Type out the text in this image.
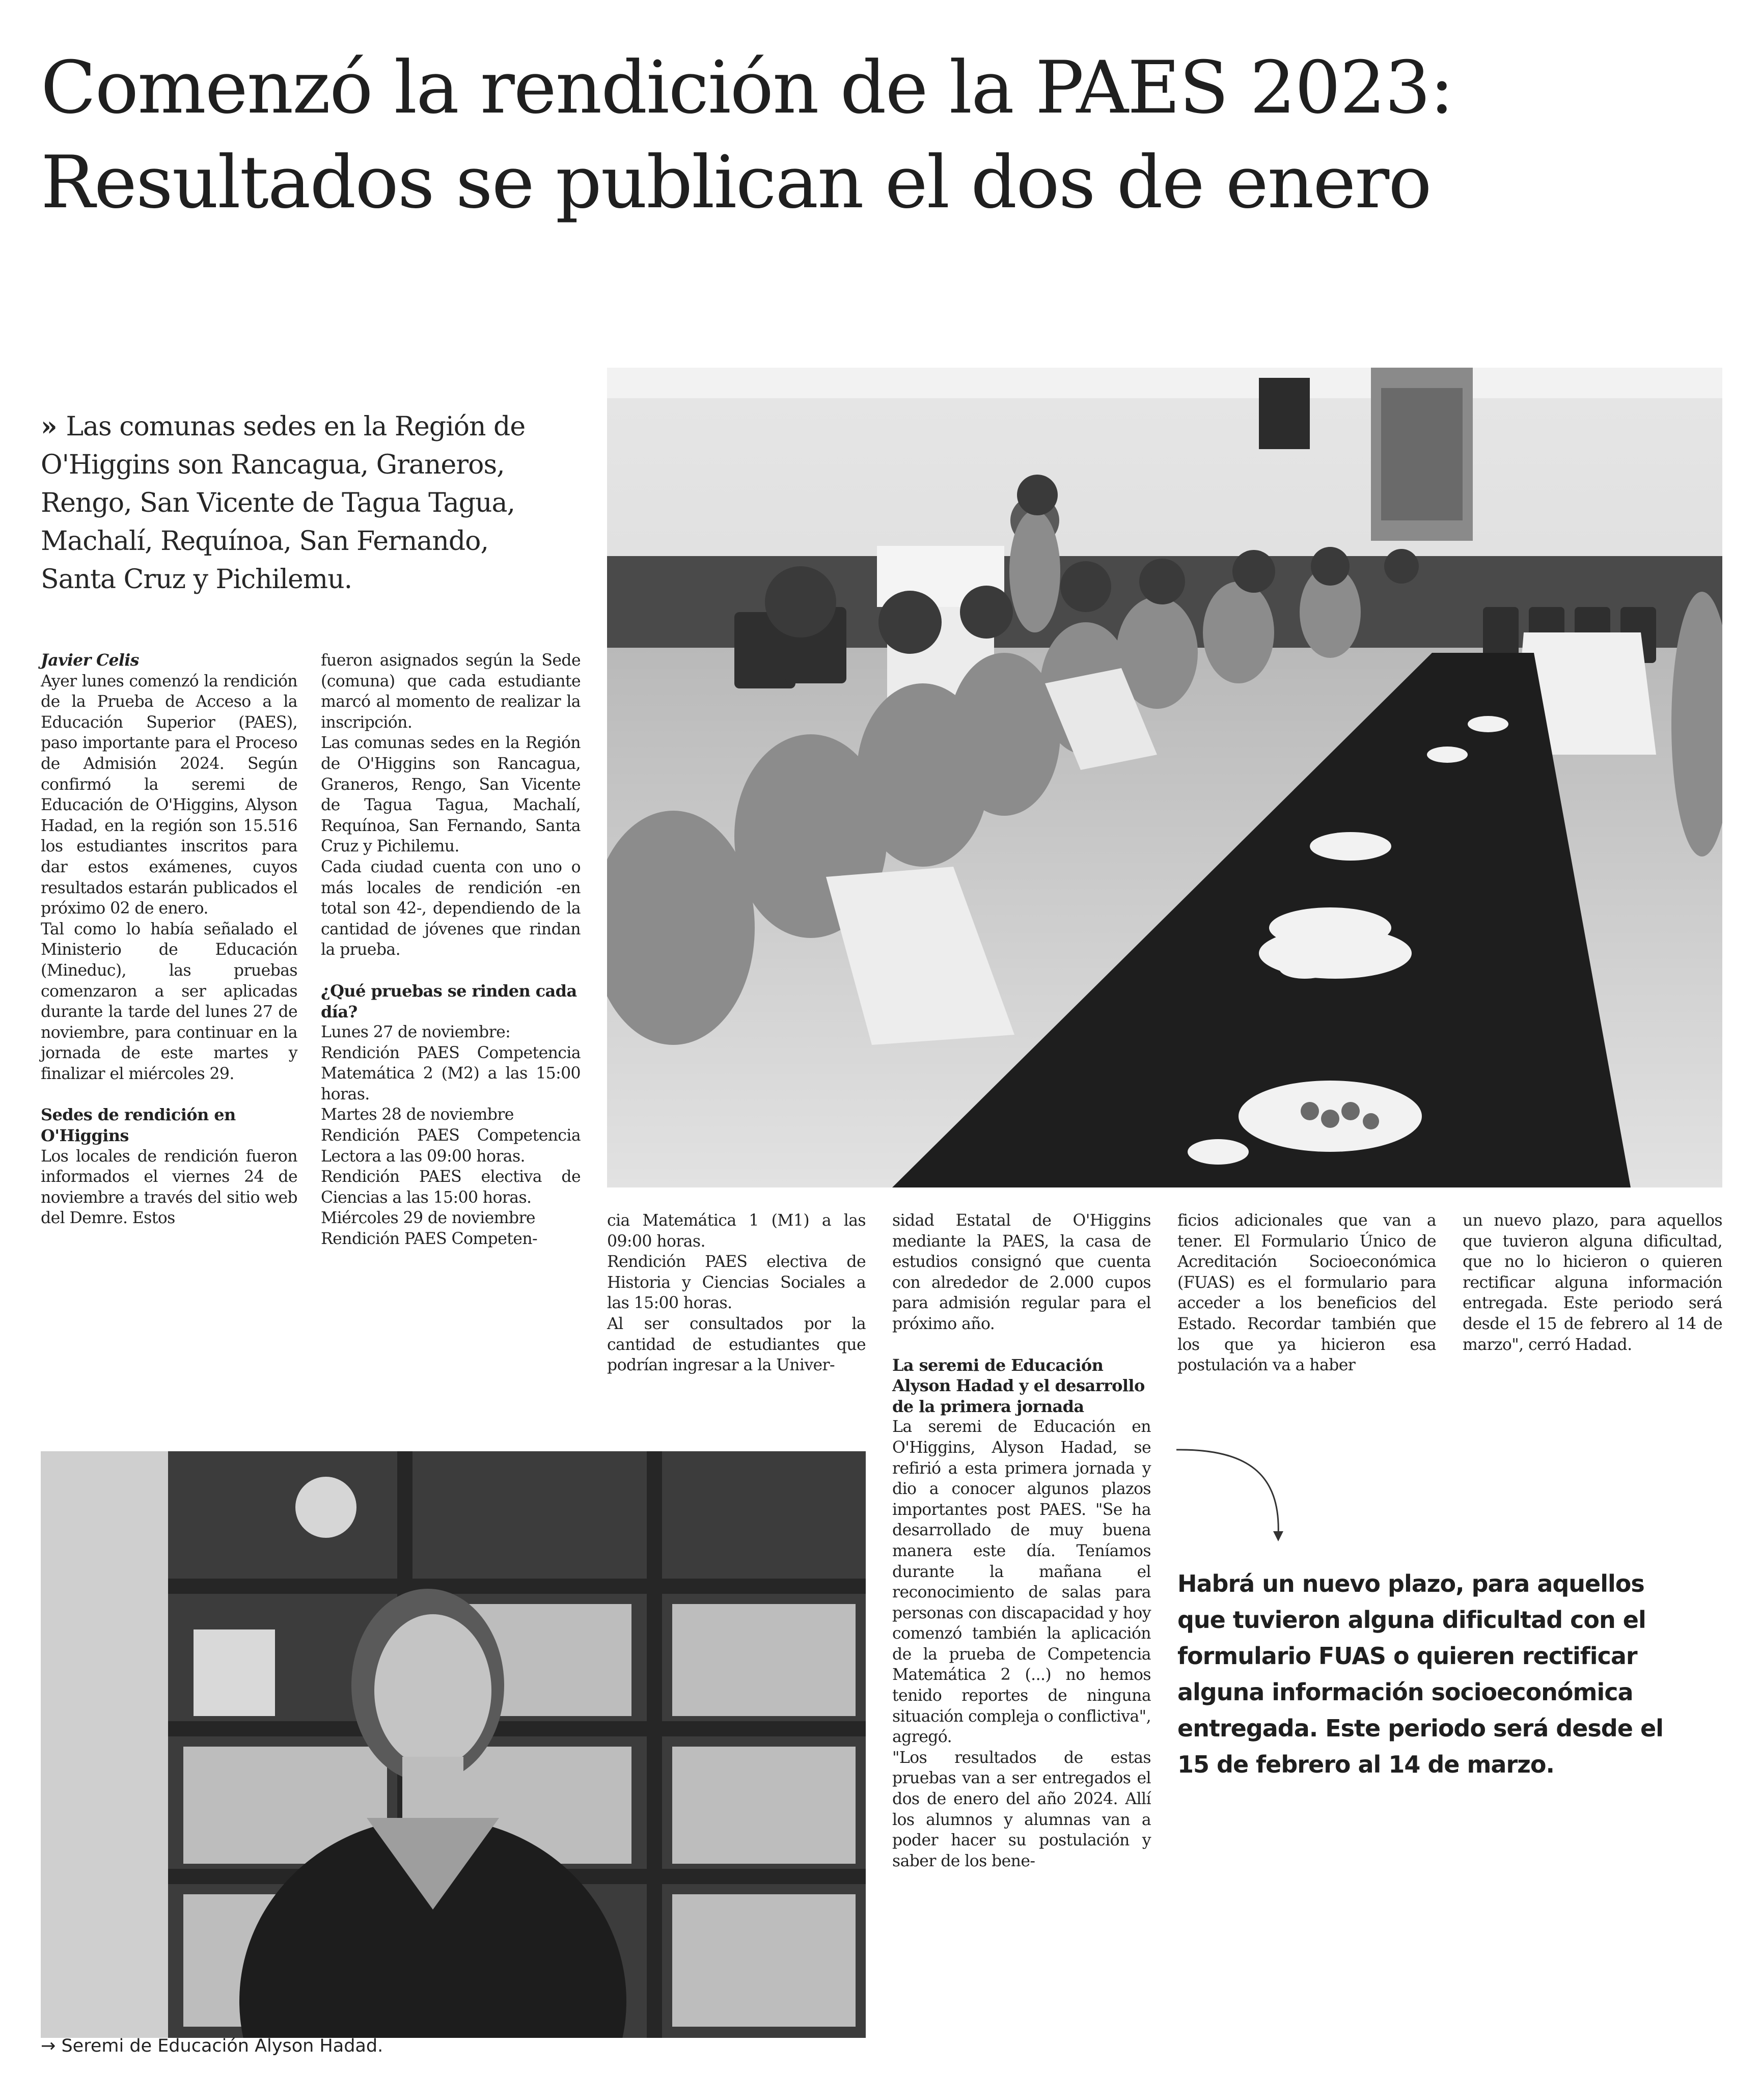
Comenzó la rendición de la PAES 2023:
Resultados se publican el dos de enero
» Las comunas sedes en la Región de O'Higgins son Rancagua, Graneros, Rengo, San Vicente de Tagua Tagua, Machalí, Requínoa, San Fernando, Santa Cruz y Pichilemu.

Javier Celis

Ayer lunes comenzó la rendición de la Prueba de Acceso a la Educación Superior (PAES), paso importante para el Proceso de Admisión 2024. Según confirmó la seremi de Educación de O'Higgins, Alyson Hadad, en la región son 15.516 los estudiantes inscritos para dar estos exámenes, cuyos resultados estarán publicados el próximo 02 de enero.

Tal como lo había señalado el Ministerio de Educación (Mineduc), las pruebas comenzaron a ser aplicadas durante la tarde del lunes 27 de noviembre, para continuar en la jornada de este martes y finalizar el miércoles 29.

Sedes de rendición en O'Higgins

Los locales de rendición fueron informados el viernes 24 de noviembre a través del sitio web del Demre. Estos

fueron asignados según la Sede (comuna) que cada estudiante marcó al momento de realizar la inscripción.

Las comunas sedes en la Región de O'Higgins son Rancagua, Graneros, Rengo, San Vicente de Tagua Tagua, Machalí, Requínoa, San Fernando, Santa Cruz y Pichilemu.

Cada ciudad cuenta con uno o más locales de rendición -en total son 42-, dependiendo de la cantidad de jóvenes que rindan la prueba.

¿Qué pruebas se rinden cada día?

Lunes 27 de noviembre:

Rendición PAES Competencia Matemática 2 (M2) a las 15:00 horas.

Martes 28 de noviembre

Rendición PAES Competencia Lectora a las 09:00 horas.

Rendición PAES electiva de Ciencias a las 15:00 horas.

Miércoles 29 de noviembre

Rendición PAES Competen-

cia Matemática 1 (M1) a las 09:00 horas.

Rendición PAES electiva de Historia y Ciencias Sociales a las 15:00 horas.

Al ser consultados por la cantidad de estudiantes que podrían ingresar a la Univer-

sidad Estatal de O'Higgins mediante la PAES, la casa de estudios consignó que cuenta con alrededor de 2.000 cupos para admisión regular para el próximo año.

La seremi de Educación Alyson Hadad y el desarrollo de la primera jornada

La seremi de Educación en O'Higgins, Alyson Hadad, se refirió a esta primera jornada y dio a conocer algunos plazos importantes post PAES. "Se ha desarrollado de muy buena manera este día. Teníamos durante la mañana el reconocimiento de salas para personas con discapacidad y hoy comenzó también la aplicación de la prueba de Competencia Matemática 2 (...) no hemos tenido reportes de ninguna situación compleja o conflictiva", agregó.

"Los resultados de estas pruebas van a ser entregados el dos de enero del año 2024. Allí los alumnos y alumnas van a poder hacer su postulación y saber de los bene-

ficios adicionales que van a tener. El Formulario Único de Acreditación Socioeconómica (FUAS) es el formulario para acceder a los beneficios del Estado. Recordar también que los que ya hicieron esa postulación va a haber

un nuevo plazo, para aquellos que tuvieron alguna dificultad, que no lo hicieron o quieren rectificar alguna información entregada. Este periodo será desde el 15 de febrero al 14 de marzo", cerró Hadad.

Habrá un nuevo plazo, para aquellos que tuvieron alguna dificultad con el formulario FUAS o quieren rectificar alguna información socioeconómica entregada. Este periodo será desde el 15 de febrero al 14 de marzo.
→ Seremi de Educación Alyson Hadad.
